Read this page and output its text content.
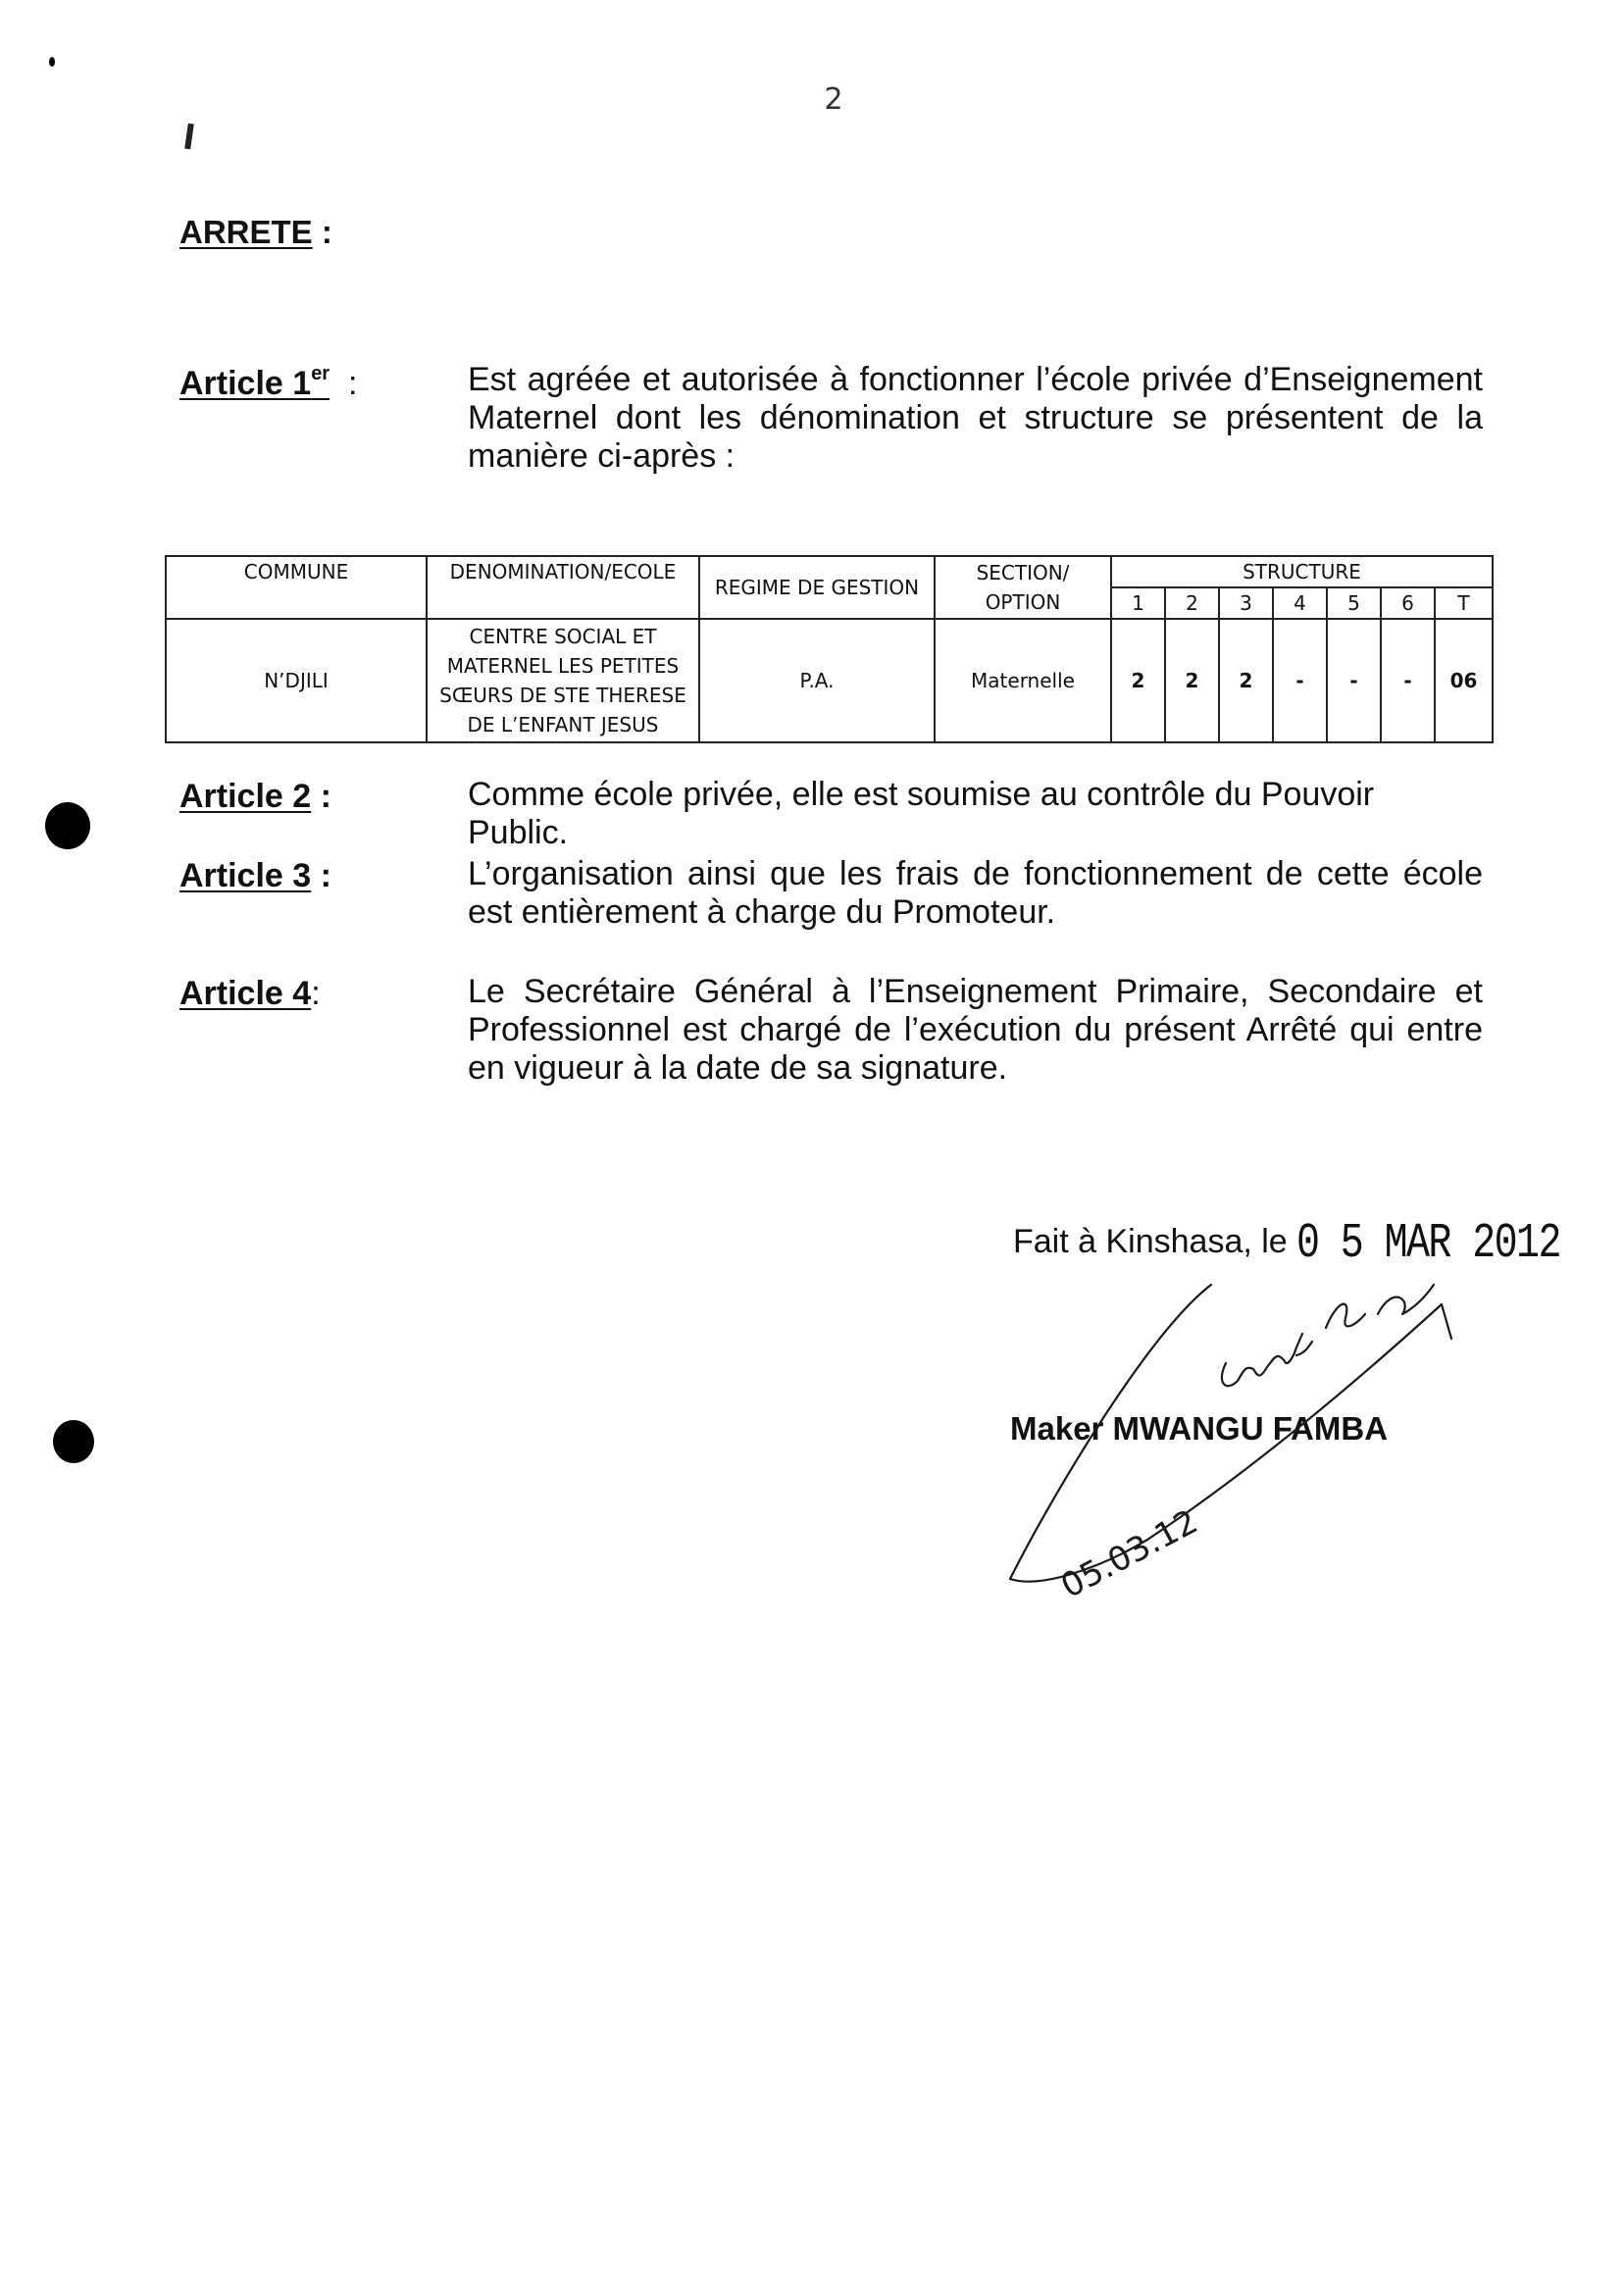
2
ARRETE :
Article 1er  :	Est agréée et autorisée à fonctionner l’école privée d’Enseignement Maternel dont les dénomination et structure se présentent de la manière ci-après :
COMMUNE	DENOMINATION/ECOLE	REGIME DE GESTION	SECTION/ OPTION	STRUCTURE						
				1	2	3	4	5	6	T
N’DJILI	CENTRE SOCIAL ET MATERNEL LES PETITES SŒURS DE STE THERESE DE L’ENFANT JESUS	P.A.	Maternelle	2	2	2	-	-	-	06
Article 2 :	Comme école privée, elle est soumise au contrôle du Pouvoir Public.
Article 3 :	L’organisation ainsi que les frais de fonctionnement de cette école est entièrement à charge du Promoteur.
Article 4:	Le Secrétaire Général à l’Enseignement Primaire, Secondaire et Professionnel est chargé de l’exécution du présent Arrêté qui entre en vigueur à la date de sa signature.
Fait à Kinshasa, le 0 5 MAR 2012
Maker MWANGU FAMBA
05.03.12
